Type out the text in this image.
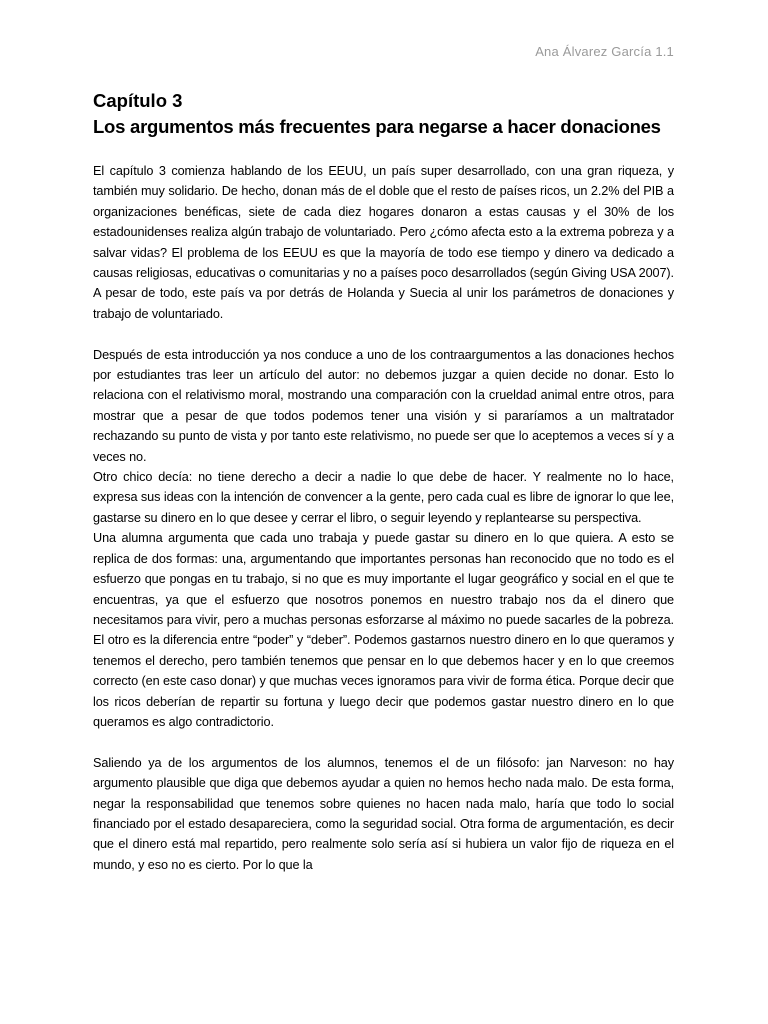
Ana Álvarez García 1.1
Capítulo 3
Los argumentos más frecuentes para negarse a hacer donaciones

El capítulo 3 comienza hablando de los EEUU, un país super desarrollado, con una gran riqueza, y también muy solidario. De hecho, donan más de el doble que el resto de países ricos, un 2.2% del PIB a organizaciones benéficas, siete de cada diez hogares donaron a estas causas y el 30% de los estadounidenses realiza algún trabajo de voluntariado. Pero ¿cómo afecta esto a la extrema pobreza y a salvar vidas? El problema de los EEUU es que la mayoría de todo ese tiempo y dinero va dedicado a causas religiosas, educativas o comunitarias y no a países poco desarrollados (según Giving USA 2007). A pesar de todo, este país va por detrás de Holanda y Suecia al unir los parámetros de donaciones y trabajo de voluntariado.

Después de esta introducción ya nos conduce a uno de los contraargumentos a las donaciones hechos por estudiantes tras leer un artículo del autor: no debemos juzgar a quien decide no donar. Esto lo relaciona con el relativismo moral, mostrando una comparación con la crueldad animal entre otros, para mostrar que a pesar de que todos podemos tener una visión y si pararíamos a un maltratador rechazando su punto de vista y por tanto este relativismo, no puede ser que lo aceptemos a veces sí y a veces no.

Otro chico decía: no tiene derecho a decir a nadie lo que debe de hacer. Y realmente no lo hace, expresa sus ideas con la intención de convencer a la gente, pero cada cual es libre de ignorar lo que lee, gastarse su dinero en lo que desee y cerrar el libro, o seguir leyendo y replantearse su perspectiva.

Una alumna argumenta que cada uno trabaja y puede gastar su dinero en lo que quiera. A esto se replica de dos formas: una, argumentando que importantes personas han reconocido que no todo es el esfuerzo que pongas en tu trabajo, si no que es muy importante el lugar geográfico y social en el que te encuentras, ya que el esfuerzo que nosotros ponemos en nuestro trabajo nos da el dinero que necesitamos para vivir, pero a muchas personas esforzarse al máximo no puede sacarles de la pobreza. El otro es la diferencia entre “poder” y “deber”. Podemos gastarnos nuestro dinero en lo que queramos y tenemos el derecho, pero también tenemos que pensar en lo que debemos hacer y en lo que creemos correcto (en este caso donar) y que muchas veces ignoramos para vivir de forma ética. Porque decir que los ricos deberían de repartir su fortuna y luego decir que podemos gastar nuestro dinero en lo que queramos es algo contradictorio.

Saliendo ya de los argumentos de los alumnos, tenemos el de un filósofo: jan Narveson: no hay argumento plausible que diga que debemos ayudar a quien no hemos hecho nada malo. De esta forma, negar la responsabilidad que tenemos sobre quienes no hacen nada malo, haría que todo lo social financiado por el estado desapareciera, como la seguridad social. Otra forma de argumentación, es decir que el dinero está mal repartido, pero realmente solo sería así si hubiera un valor fijo de riqueza en el mundo, y eso no es cierto. Por lo que la
